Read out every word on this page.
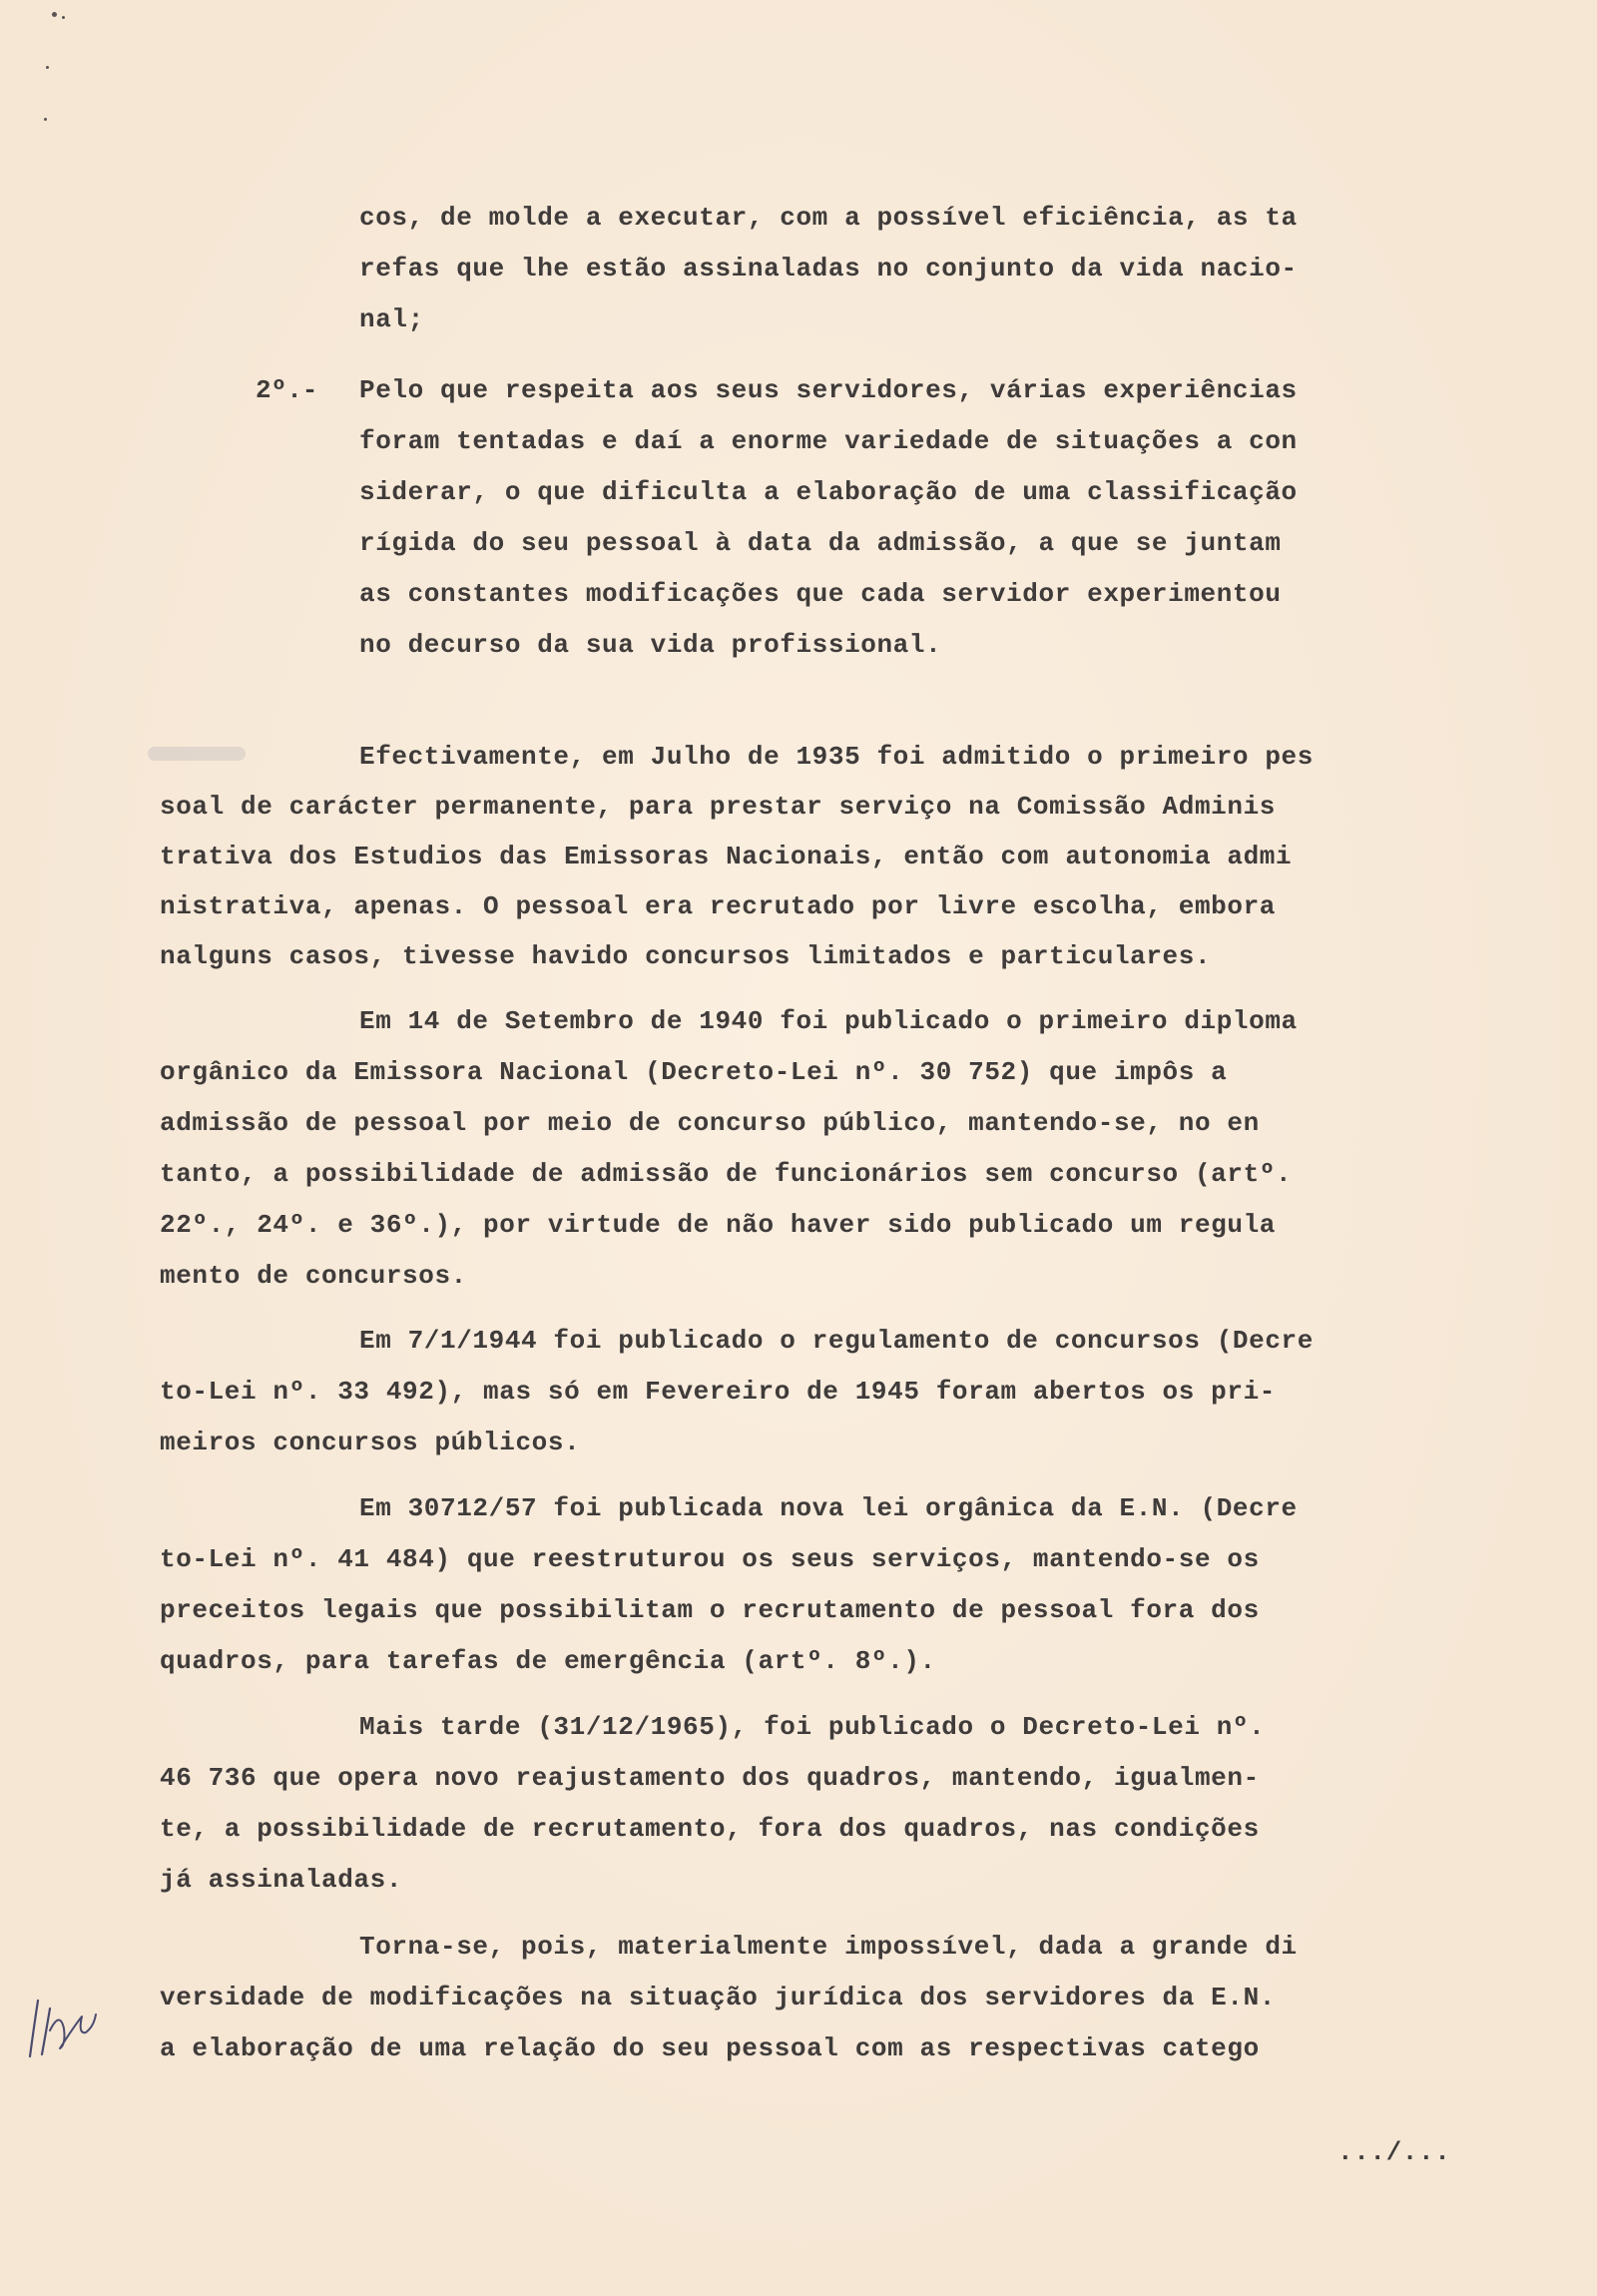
cos, de molde a executar, com a possível eficiência, as ta

refas que lhe estão assinaladas no conjunto da vida nacio-

nal;

2º.- Pelo que respeita aos seus servidores, várias experiências

foram tentadas e daí a enorme variedade de situações a con

siderar, o que dificulta a elaboração de uma classificação

rígida do seu pessoal à data da admissão, a que se juntam

as constantes modificações que cada servidor experimentou

no decurso da sua vida profissional.

Efectivamente, em Julho de 1935 foi admitido o primeiro pes

soal de carácter permanente, para prestar serviço na Comissão Adminis

trativa dos Estudios das Emissoras Nacionais, então com autonomia admi

nistrativa, apenas. O pessoal era recrutado por livre escolha, embora

nalguns casos, tivesse havido concursos limitados e particulares.

Em 14 de Setembro de 1940 foi publicado o primeiro diploma

orgânico da Emissora Nacional (Decreto-Lei nº. 30 752) que impôs a

admissão de pessoal por meio de concurso público, mantendo-se, no en

tanto, a possibilidade de admissão de funcionários sem concurso (artº.

22º., 24º. e 36º.), por virtude de não haver sido publicado um regula

mento de concursos.

Em 7/1/1944 foi publicado o regulamento de concursos (Decre

to-Lei nº. 33 492), mas só em Fevereiro de 1945 foram abertos os pri-

meiros concursos públicos.

Em 30712/57 foi publicada nova lei orgânica da E.N. (Decre

to-Lei nº. 41 484) que reestruturou os seus serviços, mantendo-se os

preceitos legais que possibilitam o recrutamento de pessoal fora dos

quadros, para tarefas de emergência (artº. 8º.).

Mais tarde (31/12/1965), foi publicado o Decreto-Lei nº.

46 736 que opera novo reajustamento dos quadros, mantendo, igualmen-

te, a possibilidade de recrutamento, fora dos quadros, nas condições

já assinaladas.

Torna-se, pois, materialmente impossível, dada a grande di

versidade de modificações na situação jurídica dos servidores da E.N.

a elaboração de uma relação do seu pessoal com as respectivas catego

.../...
